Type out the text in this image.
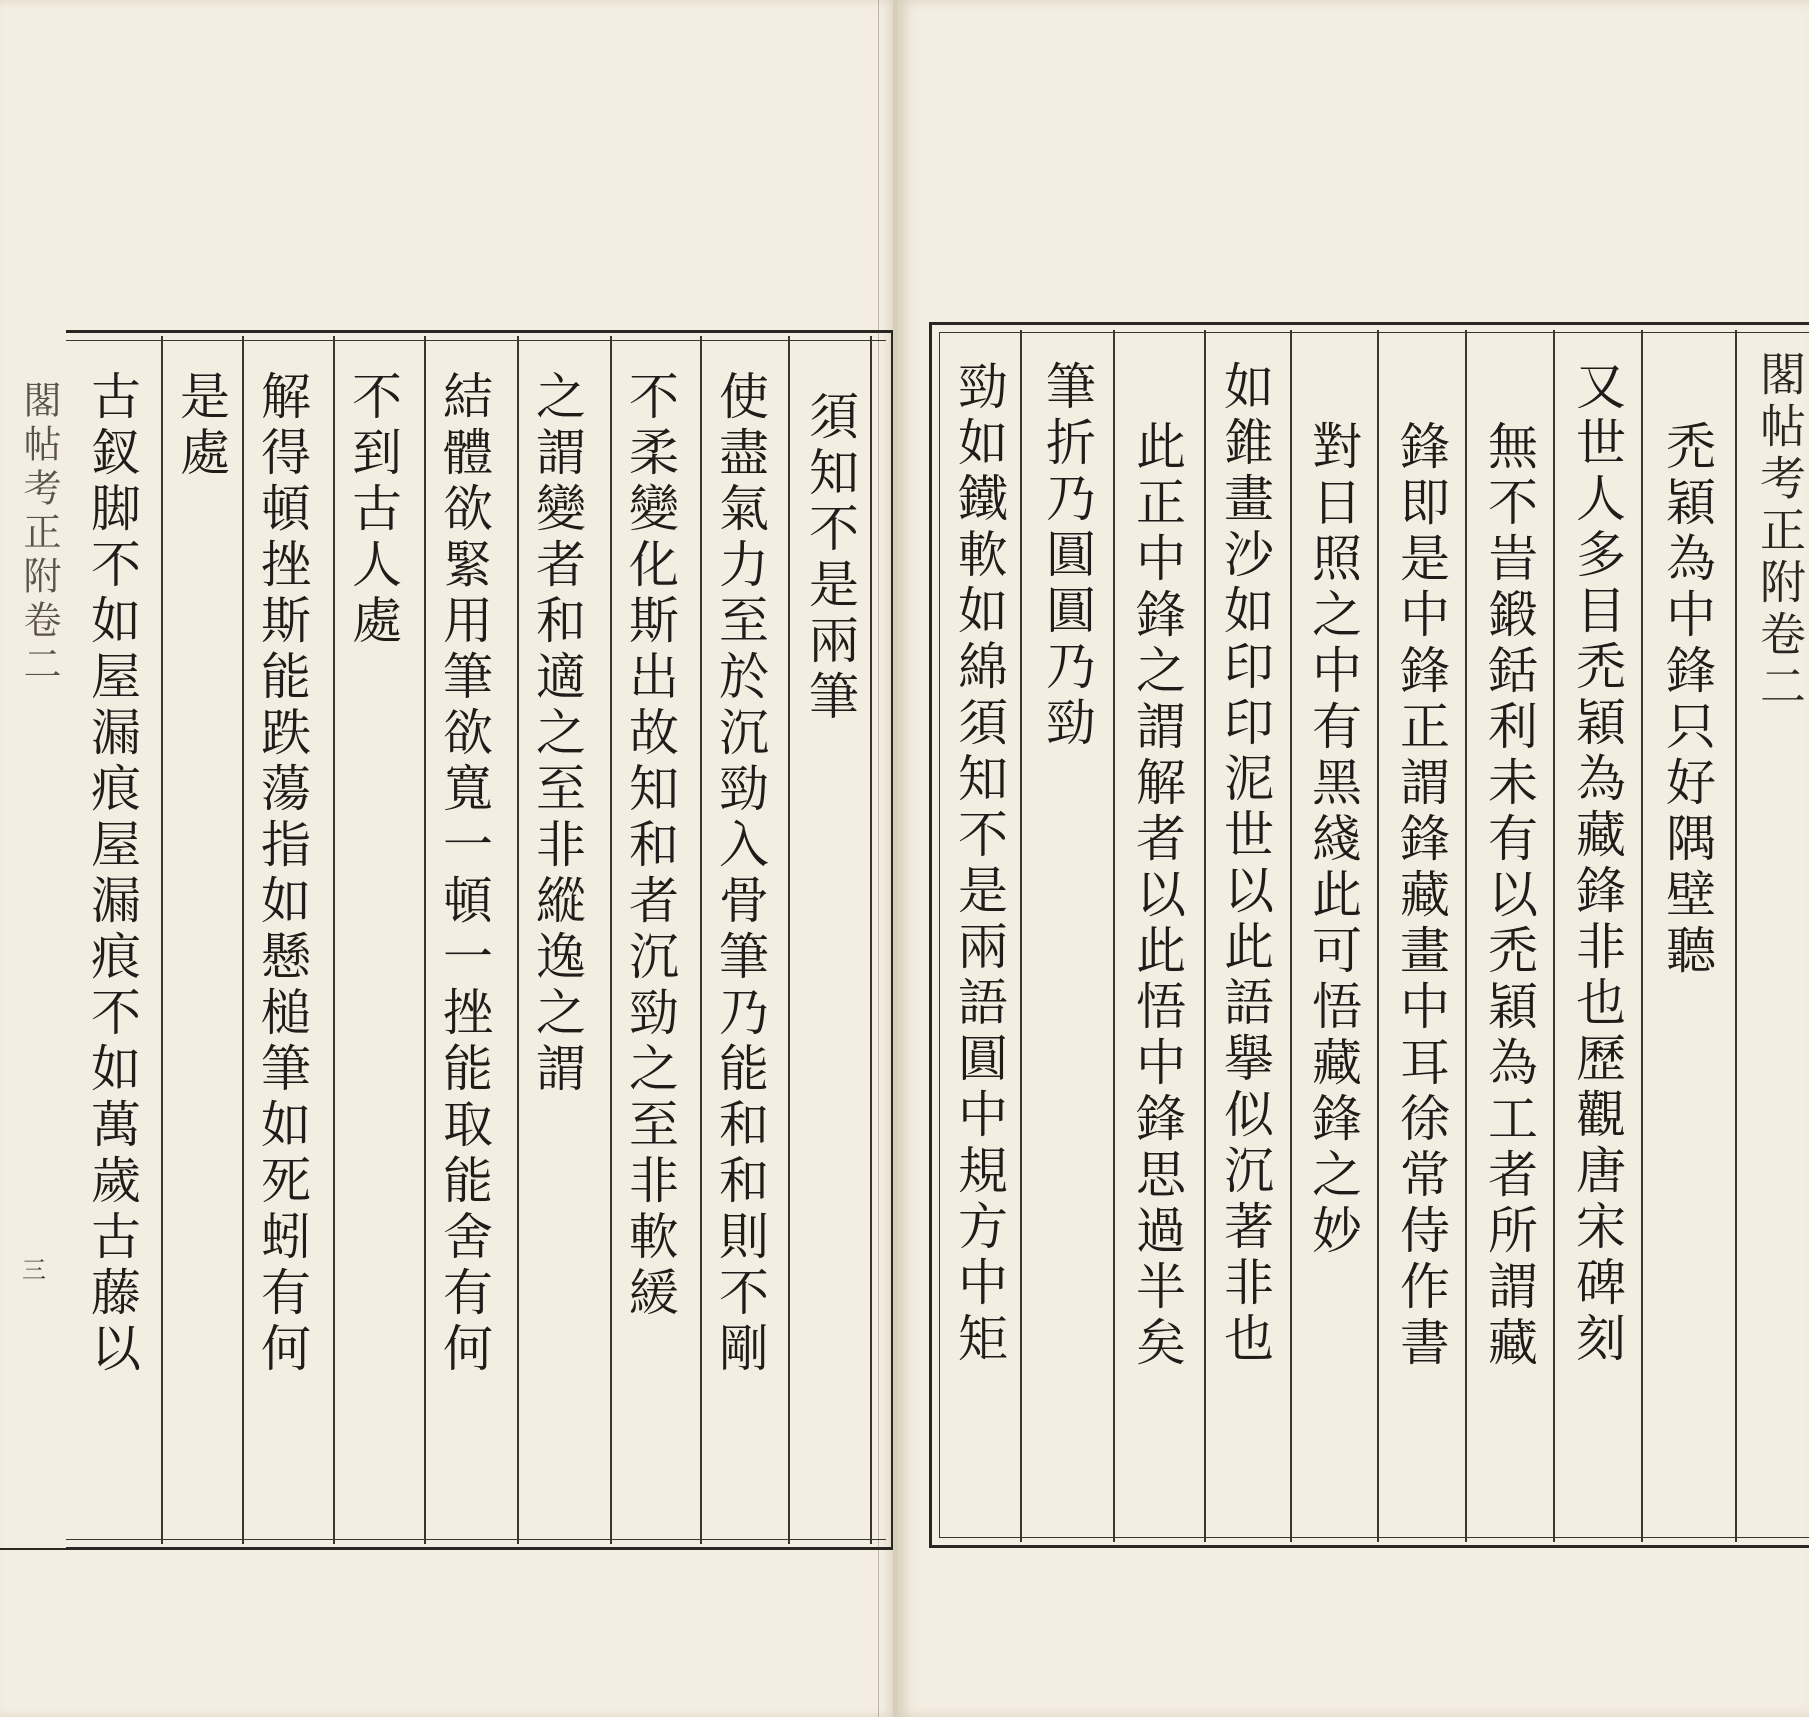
須知不是兩筆
使盡氣力至於沉勁入骨筆乃能和和則不剛
不柔變化斯出故知和者沉勁之至非軟緩
之謂變者和適之至非縱逸之謂
結體欲緊用筆欲寬一頓一挫能取能舍有何
不到古人處
解得頓挫斯能跌蕩指如懸槌筆如死蚓有何
是處
古釵脚不如屋漏痕屋漏痕不如萬歲古藤以
閣帖考正附卷二
三
禿穎為中鋒只好隅壁聽
又世人多目禿穎為藏鋒非也歷觀唐宋碑刻
無不旹鍛銛利未有以禿穎為工者所謂藏
鋒即是中鋒正謂鋒藏畫中耳徐常侍作書
對日照之中有黑綫此可悟藏鋒之妙
如錐畫沙如印印泥世以此語擧似沉著非也
此正中鋒之謂解者以此悟中鋒思過半矣
筆折乃圓圓乃勁
勁如鐵軟如綿須知不是兩語圓中規方中矩	閣帖考正附卷二
